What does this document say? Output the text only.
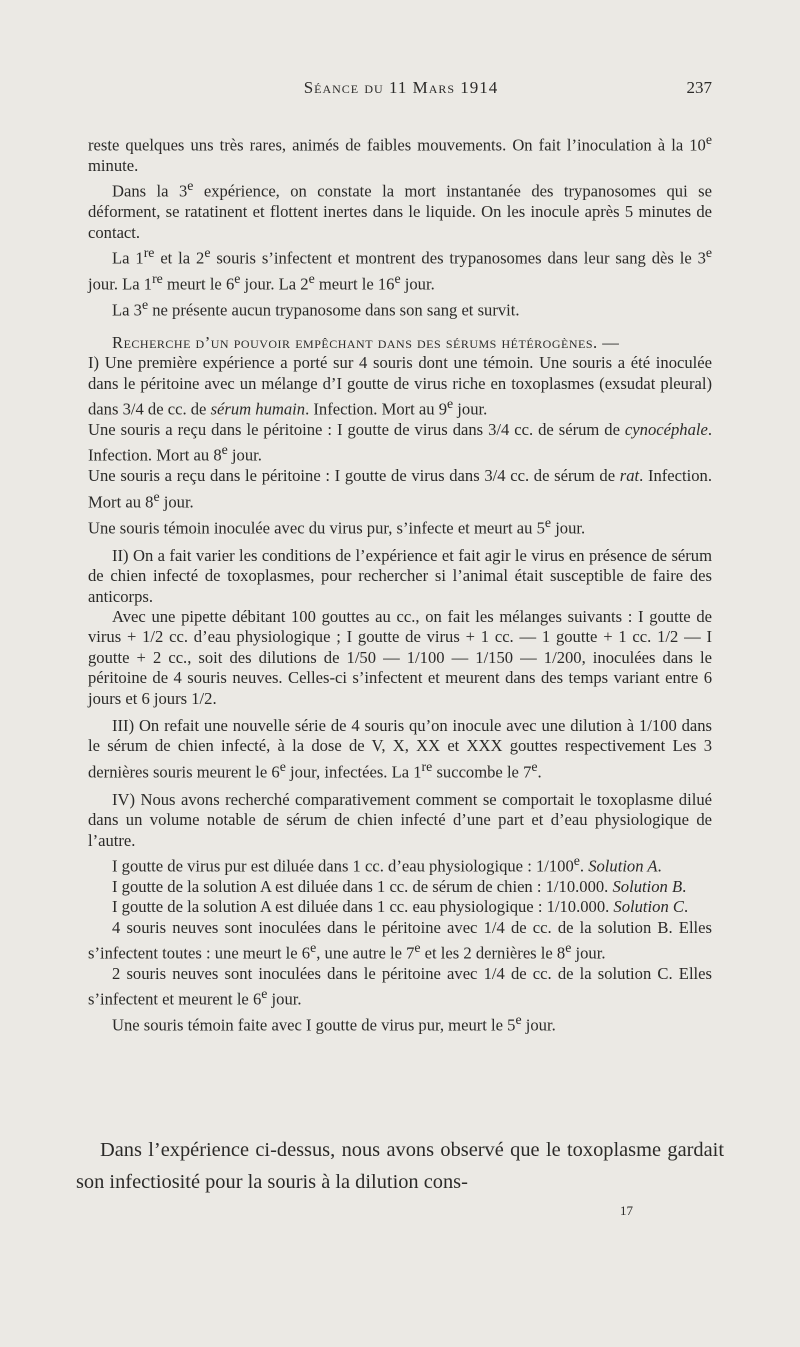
Séance du 11 Mars 1914	237

reste quelques uns très rares, animés de faibles mouvements. On fait l’inoculation à la 10e minute.

Dans la 3e expérience, on constate la mort instantanée des trypanosomes qui se déforment, se ratatinent et flottent inertes dans le liquide. On les inocule après 5 minutes de contact.

La 1re et la 2e souris s’infectent et montrent des trypanosomes dans leur sang dès le 3e jour. La 1re meurt le 6e jour. La 2e meurt le 16e jour.

La 3e ne présente aucun trypanosome dans son sang et survit.

Recherche d’un pouvoir empêchant dans des sérums hétérogènes. —

I) Une première expérience a porté sur 4 souris dont une témoin. Une souris a été inoculée dans le péritoine avec un mélange d’I goutte de virus riche en toxoplasmes (exsudat pleural) dans 3/4 de cc. de sérum humain. Infection. Mort au 9e jour.

Une souris a reçu dans le péritoine : I goutte de virus dans 3/4 cc. de sérum de cynocéphale. Infection. Mort au 8e jour.

Une souris a reçu dans le péritoine : I goutte de virus dans 3/4 cc. de sérum de rat. Infection. Mort au 8e jour.

Une souris témoin inoculée avec du virus pur, s’infecte et meurt au 5e jour.

II) On a fait varier les conditions de l’expérience et fait agir le virus en présence de sérum de chien infecté de toxoplasmes, pour rechercher si l’animal était susceptible de faire des anticorps.

Avec une pipette débitant 100 gouttes au cc., on fait les mélanges suivants : I goutte de virus + 1/2 cc. d’eau physiologique ; I goutte de virus + 1 cc. — 1 goutte + 1 cc. 1/2 — I goutte + 2 cc., soit des dilutions de 1/50 — 1/100 — 1/150 — 1/200, inoculées dans le péritoine de 4 souris neuves. Celles-ci s’infectent et meurent dans des temps variant entre 6 jours et 6 jours 1/2.

III) On refait une nouvelle série de 4 souris qu’on inocule avec une dilution à 1/100 dans le sérum de chien infecté, à la dose de V, X, XX et XXX gouttes respectivement Les 3 dernières souris meurent le 6e jour, infectées. La 1re succombe le 7e.

IV) Nous avons recherché comparativement comment se comportait le toxoplasme dilué dans un volume notable de sérum de chien infecté d’une part et d’eau physiologique de l’autre.

I goutte de virus pur est diluée dans 1 cc. d’eau physiologique : 1/100e. Solution A.

I goutte de la solution A est diluée dans 1 cc. de sérum de chien : 1/10.000. Solution B.

I goutte de la solution A est diluée dans 1 cc. eau physiologique : 1/10.000. Solution C.

4 souris neuves sont inoculées dans le péritoine avec 1/4 de cc. de la solution B. Elles s’infectent toutes : une meurt le 6e, une autre le 7e et les 2 dernières le 8e jour.

2 souris neuves sont inoculées dans le péritoine avec 1/4 de cc. de la solution C. Elles s’infectent et meurent le 6e jour.

Une souris témoin faite avec I goutte de virus pur, meurt le 5e jour.

Dans l’expérience ci-dessus, nous avons observé que le toxoplasme gardait son infectiosité pour la souris à la dilution cons-

17
